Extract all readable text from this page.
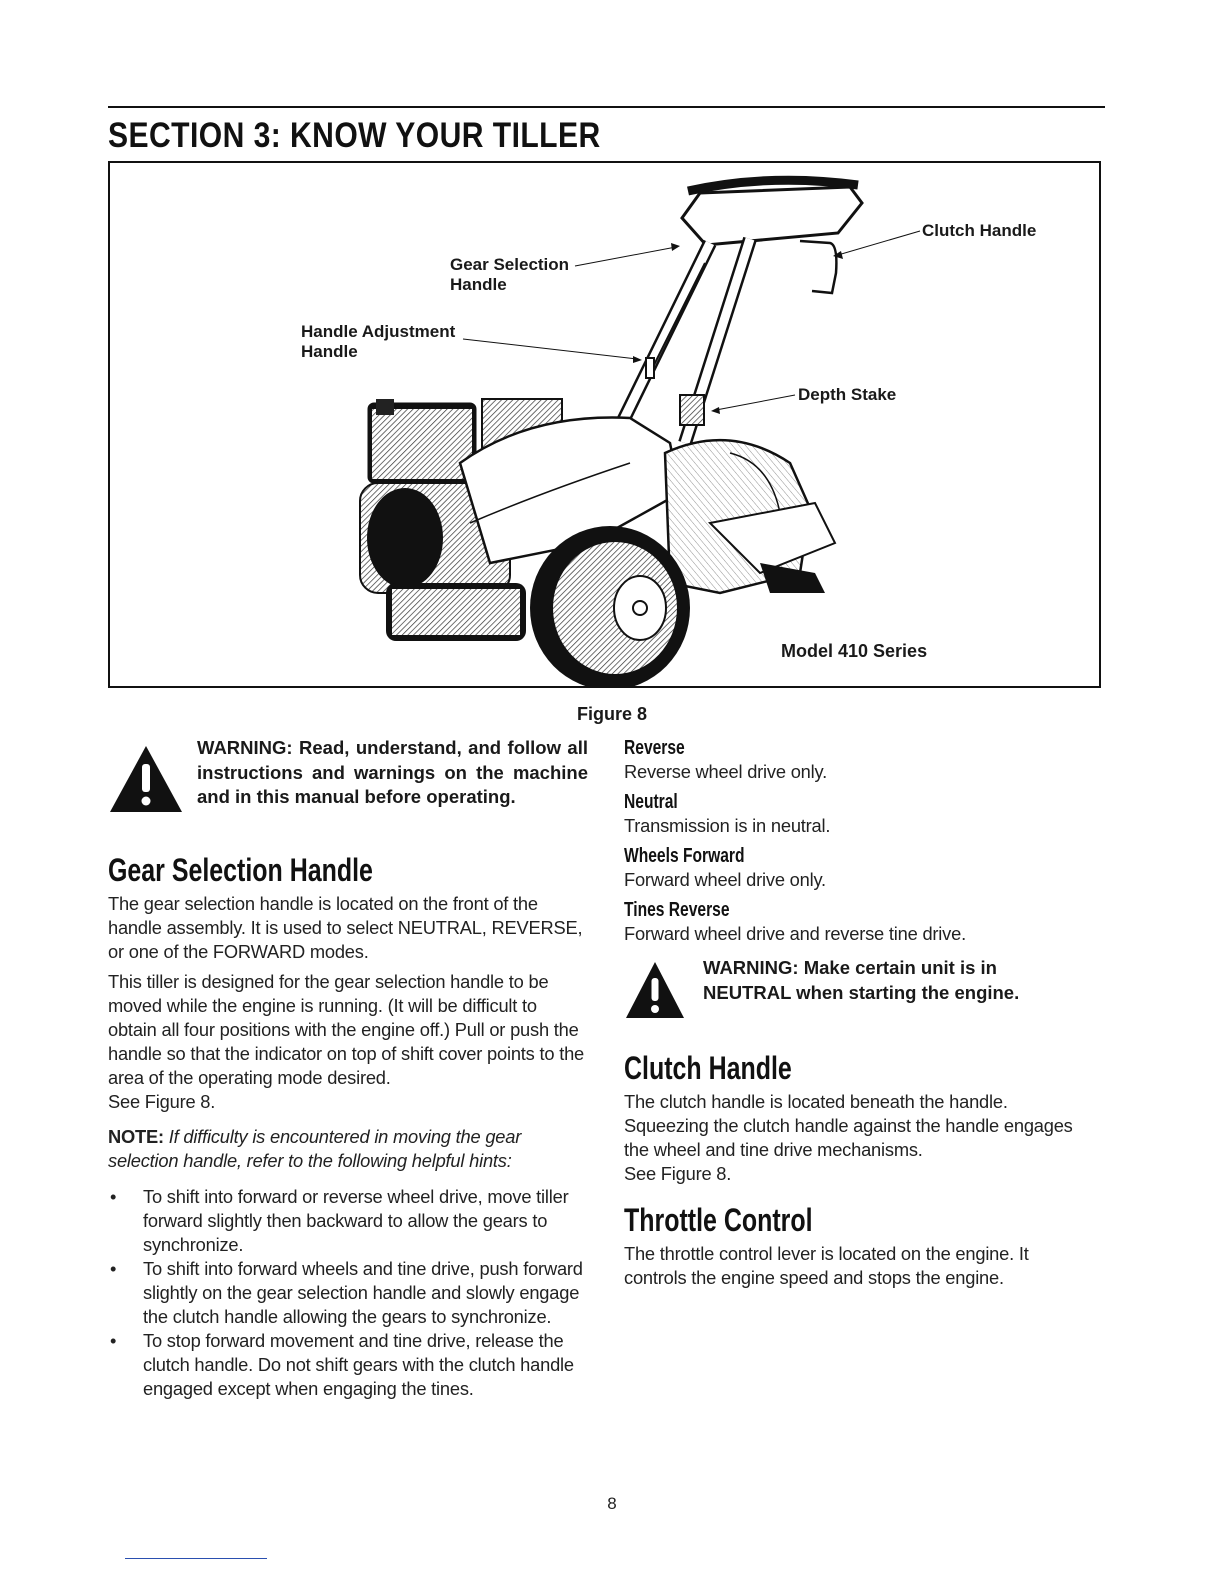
SECTION 3: KNOW YOUR TILLER
Gear Selection
Handle
Handle Adjustment
Handle
Clutch Handle
Depth Stake
Model 410 Series
Figure 8
WARNING: Read, understand, and follow all instructions and warnings on the machine and in this manual before operating.
Gear Selection Handle

The gear selection handle is located on the front of the handle assembly. It is used to select NEUTRAL, REVERSE, or one of the FORWARD modes.

This tiller is designed for the gear selection handle to be moved while the engine is running. (It will be difficult to obtain all four positions with the engine off.) Pull or push the handle so that the indicator on top of shift cover points to the area of the operating mode desired.

See Figure 8.

NOTE: If difficulty is encountered in moving the gear selection handle, refer to the following helpful hints:

• To shift into forward or reverse wheel drive, move tiller forward slightly then backward to allow the gears to synchronize.
• To shift into forward wheels and tine drive, push forward slightly on the gear selection handle and slowly engage the clutch handle allowing the gears to synchronize.
• To stop forward movement and tine drive, release the clutch handle. Do not shift gears with the clutch handle engaged except when engaging the tines.
Reverse

Reverse wheel drive only.

Neutral

Transmission is in neutral.

Wheels Forward

Forward wheel drive only.

Tines Reverse

Forward wheel drive and reverse tine drive.

WARNING: Make certain unit is in NEUTRAL when starting the engine.
Clutch Handle

The clutch handle is located beneath the handle. Squeezing the clutch handle against the handle engages the wheel and tine drive mechanisms.

See Figure 8.

Throttle Control

The throttle control lever is located on the engine. It controls the engine speed and stops the engine.

8
